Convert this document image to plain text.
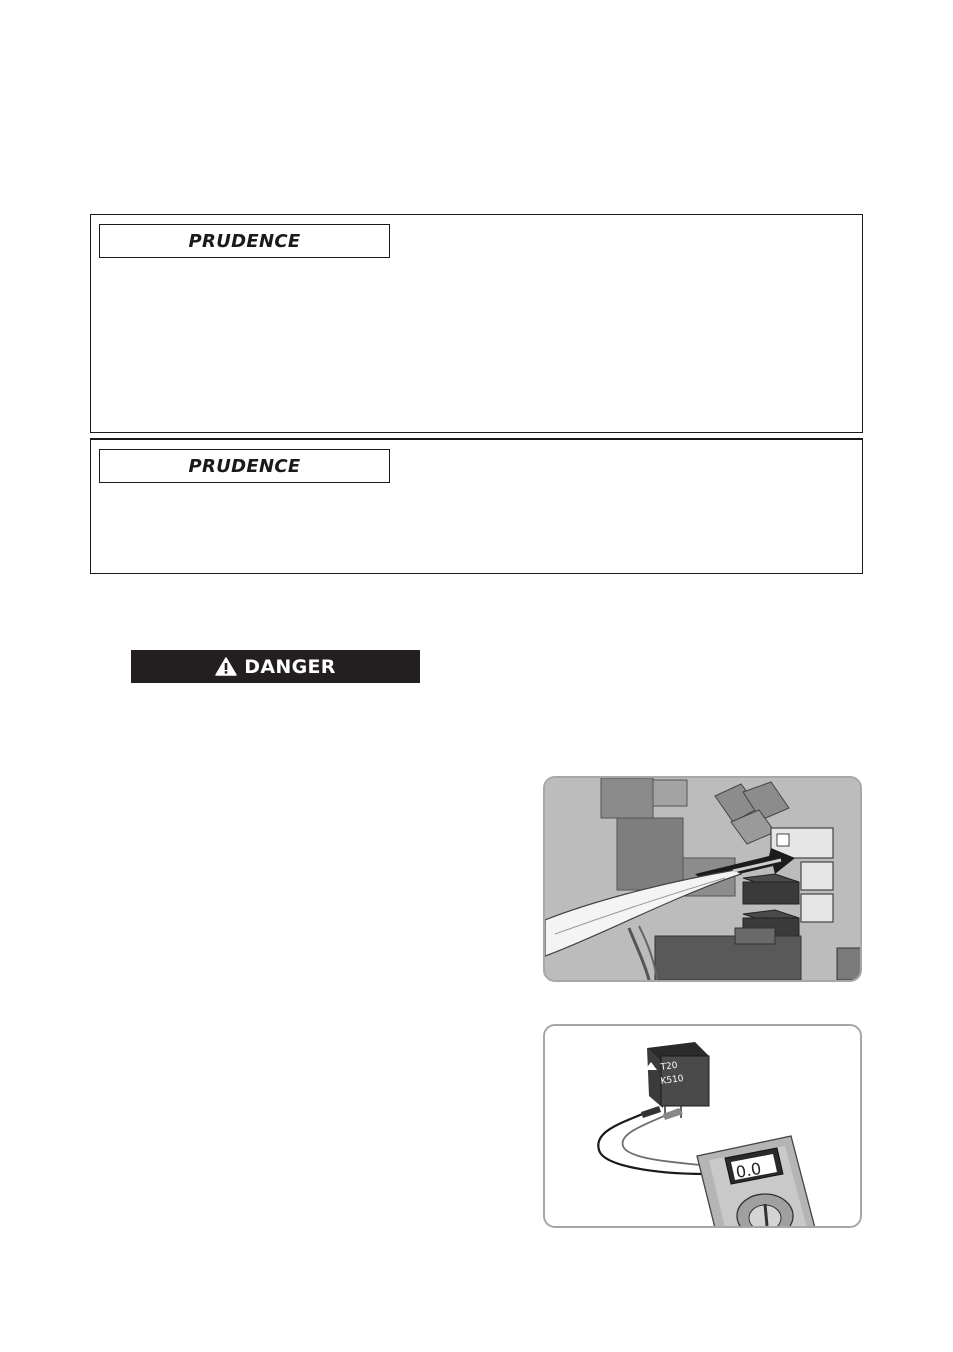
PRUDENCE
PRUDENCE
DANGER
T20
K510
0.0
